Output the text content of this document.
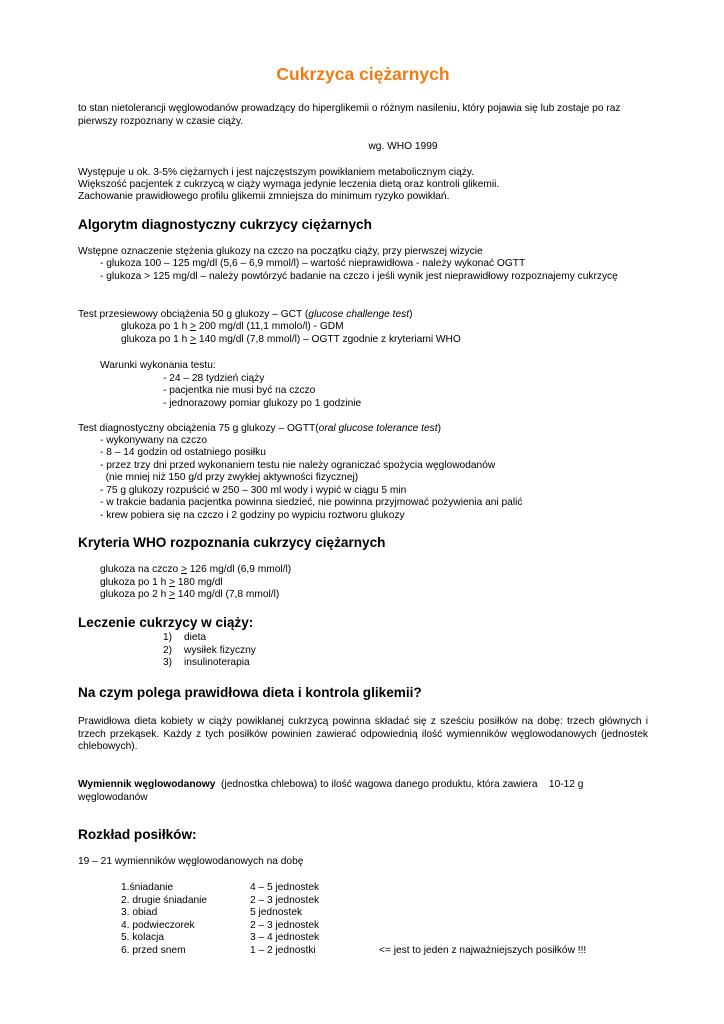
Cukrzyca ciężarnych

to stan nietolerancji węglowodanów prowadzący do hiperglikemii o różnym nasileniu, który pojawia się lub zostaje po raz pierwszy rozpoznany w czasie ciąży.

wg. WHO 1999

Występuje u ok. 3-5% ciężarnych i jest najczęstszym powikłaniem metabolicznym ciąży.

Większość pacjentek z cukrzycą w ciąży wymaga jedynie leczenia dietą oraz kontroli glikemii.

Zachowanie prawidłowego profilu glikemii zmniejsza do minimum ryzyko powikłań.

Algorytm diagnostyczny cukrzycy ciężarnych

Wstępne oznaczenie stężenia glukozy na czczo na początku ciąży, przy pierwszej wizycie

- glukoza 100 – 125 mg/dl (5,6 – 6,9 mmol/l) – wartość nieprawidłowa - należy wykonać OGTT

- glukoza > 125 mg/dl – należy powtórzyć badanie na czczo i jeśli wynik jest nieprawidłowy rozpoznajemy cukrzycę

Test przesiewowy obciążenia 50 g glukozy – GCT (glucose challenge test)

glukoza po 1 h > 200 mg/dl (11,1 mmolo/l) - GDM

glukoza po 1 h > 140 mg/dl (7,8 mmol/l) – OGTT zgodnie z kryteriami WHO

Warunki wykonania testu:

- 24 – 28 tydzień ciąży

- pacjentka nie musi być na czczo

- jednorazowy pomiar glukozy po 1 godzinie

Test diagnostyczny obciążenia 75 g glukozy – OGTT(oral glucose tolerance test)

- wykonywany na czczo

- 8 – 14 godzin od ostatniego posiłku

- przez trzy dni przed wykonaniem testu nie należy ograniczać spożycia węglowodanów

(nie mniej niż 150 g/d przy zwykłej aktywności fizycznej)

- 75 g glukozy rozpuścić w 250 – 300 ml wody i wypić w ciągu 5 min

- w trakcie badania pacjentka powinna siedzieć, nie powinna przyjmować pożywienia ani palić

- krew pobiera się na czczo i 2 godziny po wypiciu roztworu glukozy

Kryteria WHO rozpoznania cukrzycy ciężarnych

glukoza na czczo > 126 mg/dl (6,9 mmol/l)

glukoza po 1 h > 180 mg/dl

glukoza po 2 h > 140 mg/dl (7,8 mmol/l)

Leczenie cukrzycy w ciąży:
1)	dieta
2)	wysiłek fizyczny
3)	insulinoterapia
Na czym polega prawidłowa dieta i kontrola glikemii?

Prawidłowa dieta kobiety w ciąży powikłanej cukrzycą powinna składać się z sześciu posiłków na dobę: trzech głównych i trzech przekąsek. Każdy z tych posiłków powinien zawierać odpowiednią ilość wymienników węglowodanowych (jednostek chlebowych).

Wymiennik węglowodanowy  (jednostka chlebowa) to ilość wagowa danego produktu, która zawiera    10-12 g węglowodanów

Rozkład posiłków:

19 – 21 wymienników węglowodanowych na dobę

1.śniadanie	4 – 5 jednostek
2. drugie śniadanie	2 – 3 jednostek
3. obiad	5 jednostek
4. podwieczorek	2 – 3 jednostek
5. kolacja	3 – 4 jednostek
6. przed snem	1 – 2 jednostki	<= jest to jeden z najważniejszych posiłków !!!
